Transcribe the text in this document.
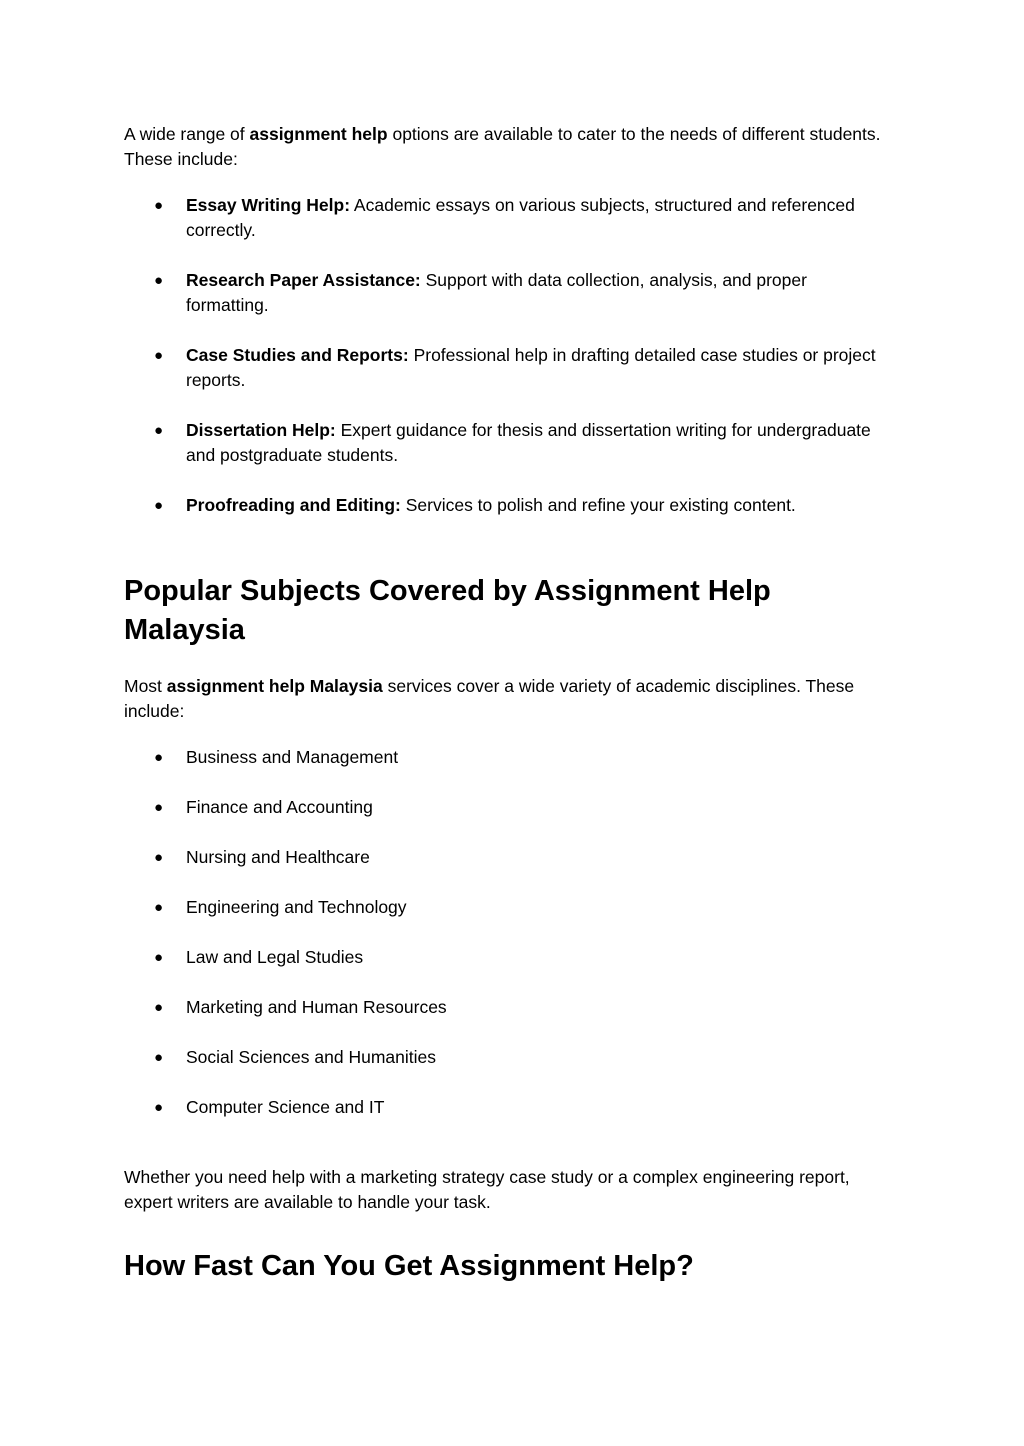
A wide range of assignment help options are available to cater to the needs of different students. These include:

● Essay Writing Help: Academic essays on various subjects, structured and referenced correctly.
● Research Paper Assistance: Support with data collection, analysis, and proper formatting.
● Case Studies and Reports: Professional help in drafting detailed case studies or project reports.
● Dissertation Help: Expert guidance for thesis and dissertation writing for undergraduate and postgraduate students.
● Proofreading and Editing: Services to polish and refine your existing content.
Popular Subjects Covered by Assignment Help Malaysia

Most assignment help Malaysia services cover a wide variety of academic disciplines. These include:

● Business and Management
● Finance and Accounting
● Nursing and Healthcare
● Engineering and Technology
● Law and Legal Studies
● Marketing and Human Resources
● Social Sciences and Humanities
● Computer Science and IT

Whether you need help with a marketing strategy case study or a complex engineering report, expert writers are available to handle your task.

How Fast Can You Get Assignment Help?
